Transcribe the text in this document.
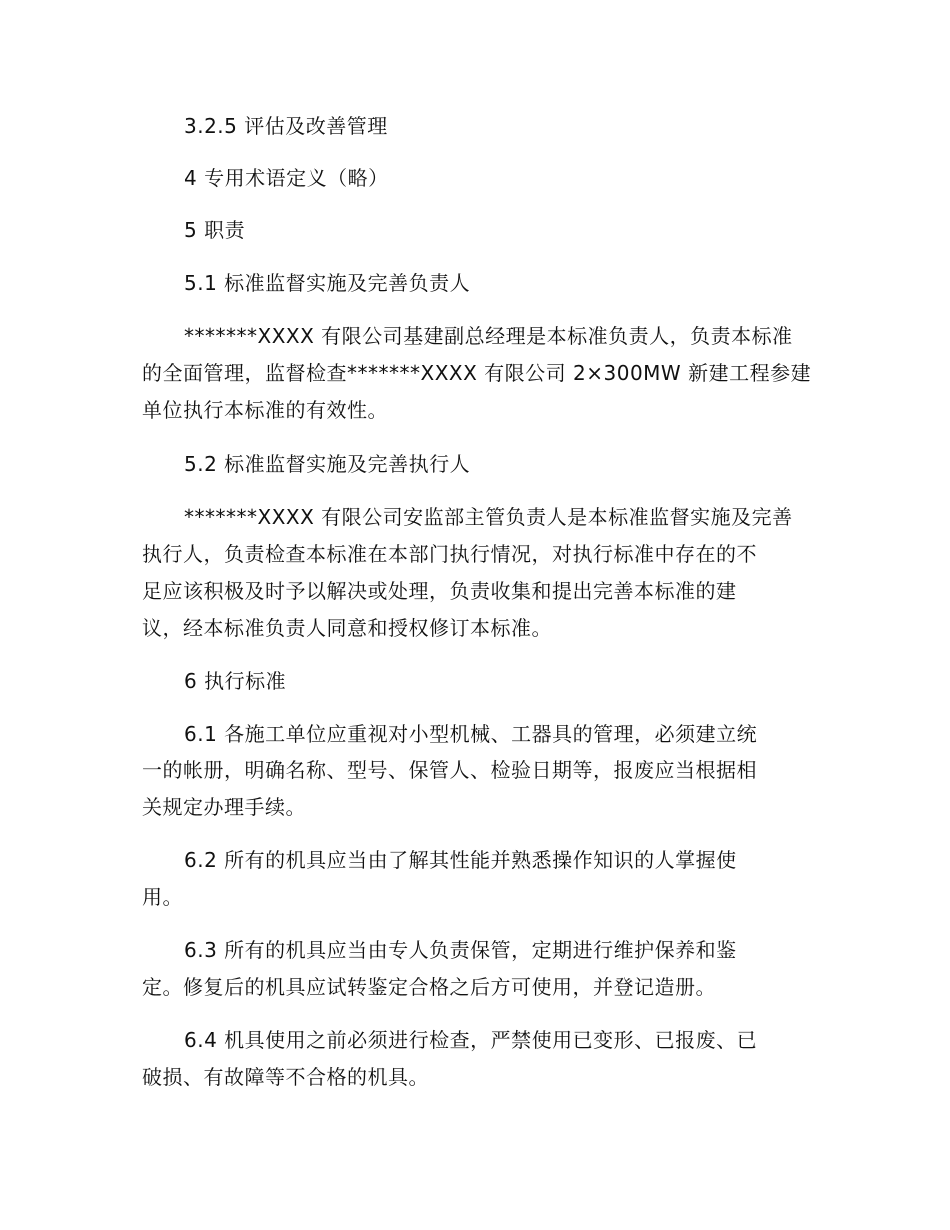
3.2.5 评估及改善管理
4 专用术语定义（略）
5 职责
5.1 标准监督实施及完善负责人
*******XXXX 有限公司基建副总经理是本标准负责人，负责本标准
的全面管理，监督检查*******XXXX 有限公司 2×300MW 新建工程参建
单位执行本标准的有效性。
5.2 标准监督实施及完善执行人
*******XXXX 有限公司安监部主管负责人是本标准监督实施及完善
执行人，负责检查本标准在本部门执行情况，对执行标准中存在的不
足应该积极及时予以解决或处理，负责收集和提出完善本标准的建
议，经本标准负责人同意和授权修订本标准。
6 执行标准
6.1 各施工单位应重视对小型机械、工器具的管理，必须建立统
一的帐册，明确名称、型号、保管人、检验日期等，报废应当根据相
关规定办理手续。
6.2 所有的机具应当由了解其性能并熟悉操作知识的人掌握使
用。
6.3 所有的机具应当由专人负责保管，定期进行维护保养和鉴
定。修复后的机具应试转鉴定合格之后方可使用，并登记造册。
6.4 机具使用之前必须进行检查，严禁使用已变形、已报废、已
破损、有故障等不合格的机具。
